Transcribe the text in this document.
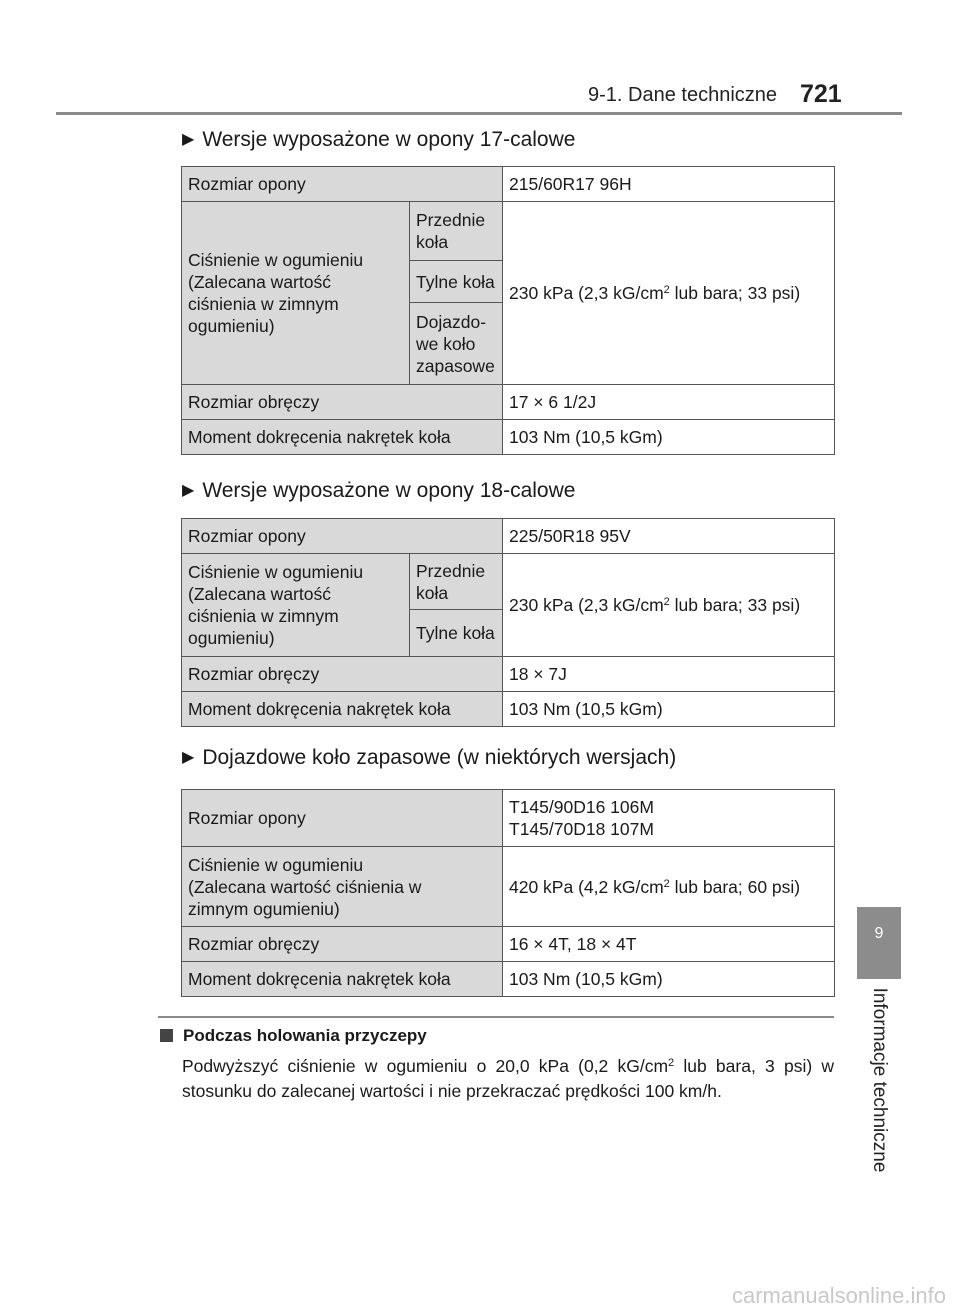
9-1. Dane techniczne 721
▶ Wersje wyposażone w opony 17-calowe
Rozmiar opony		215/60R17 96H
Ciśnienie w ogumieniu (Zalecana wartość ciśnienia w zimnym ogumieniu)	Przednie koła	230 kPa (2,3 $kG/cm^2$ lub bara; 33 psi)
	Tylne koła	
	Dojazdo-we koło zapasowe	
Rozmiar obręczy		17 × 6 1/2J
Moment dokręcenia nakrętek koła		103 Nm (10,5 kGm)
▶ Wersje wyposażone w opony 18-calowe
Rozmiar opony		225/50R18 95V
Ciśnienie w ogumieniu (Zalecana wartość ciśnienia w zimnym ogumieniu)	Przednie koła	230 kPa (2,3 $kG/cm^2$ lub bara; 33 psi)
	Tylne koła	
Rozmiar obręczy		18 × 7J
Moment dokręcenia nakrętek koła		103 Nm (10,5 kGm)
▶ Dojazdowe koło zapasowe (w niektórych wersjach)
Rozmiar opony	T145/90D16 106M
T145/70D18 107M

Ciśnienie w ogumieniu (Zalecana wartość ciśnienia w zimnym ogumieniu)	420 kPa (4,2 $kG/cm^2$ lub bara; 60 psi)
Rozmiar obręczy	16 × 4T, 18 × 4T
Moment dokręcenia nakrętek koła	103 Nm (10,5 kGm)
Podczas holowania przyczepy
Podwyższyć ciśnienie w ogumieniu o 20,0 kPa (0,2 $kG/cm^2$ lub bara, 3 psi) w stosunku do zalecanej wartości i nie przekraczać prędkości 100 km/h.
9
Informacje techniczne
carmanualsonline.info
